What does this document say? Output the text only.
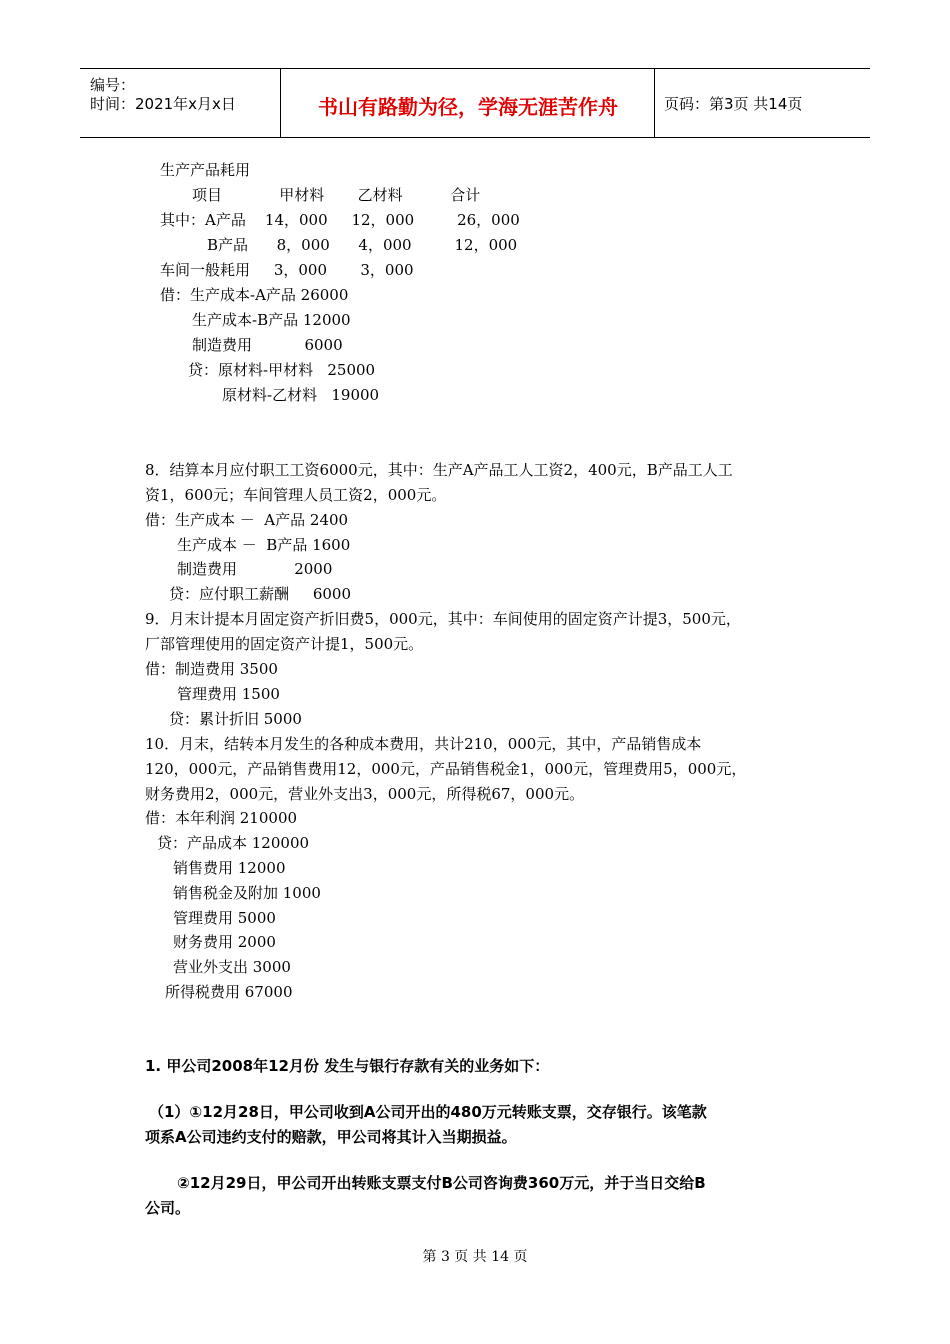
编号：
时间：2021年x月x日	书山有路勤为径，学海无涯苦作舟	页码：第3页 共14页
生产产品耗用
项目            甲材料       乙材料          合计
其中：A产品    14，000     12，000         26，000
B产品      8，000      4，000         12，000
车间一般耗用     3，000       3，000
借：生产成本-A产品 26000
生产成本-B产品 12000
制造费用           6000
贷：原材料-甲材料   25000
原材料-乙材料   19000
8．结算本月应付职工工资6000元，其中：生产A产品工人工资2，400元，B产品工人工
资1，600元；车间管理人员工资2，000元。
借：生产成本 －  A产品 2400
生产成本 －  B产品 1600
制造费用            2000
贷：应付职工薪酬     6000
9．月末计提本月固定资产折旧费5，000元，其中：车间使用的固定资产计提3，500元，
厂部管理使用的固定资产计提1，500元。
借：制造费用 3500
管理费用 1500
贷：累计折旧 5000
10．月末，结转本月发生的各种成本费用，共计210，000元，其中，产品销售成本
120，000元，产品销售费用12，000元，产品销售税金1，000元，管理费用5，000元，
财务费用2，000元，营业外支出3，000元，所得税67，000元。
借：本年利润 210000
贷：产品成本 120000
销售费用 12000
销售税金及附加 1000
管理费用 5000
财务费用 2000
营业外支出 3000
所得税费用 67000
1. 甲公司2008年12月份 发生与银行存款有关的业务如下：
（1）①12月28日，甲公司收到A公司开出的480万元转账支票，交存银行。该笔款
项系A公司违约支付的赔款，甲公司将其计入当期损益。
②12月29日，甲公司开出转账支票支付B公司咨询费360万元，并于当日交给B
公司。
第 3 页 共 14 页
